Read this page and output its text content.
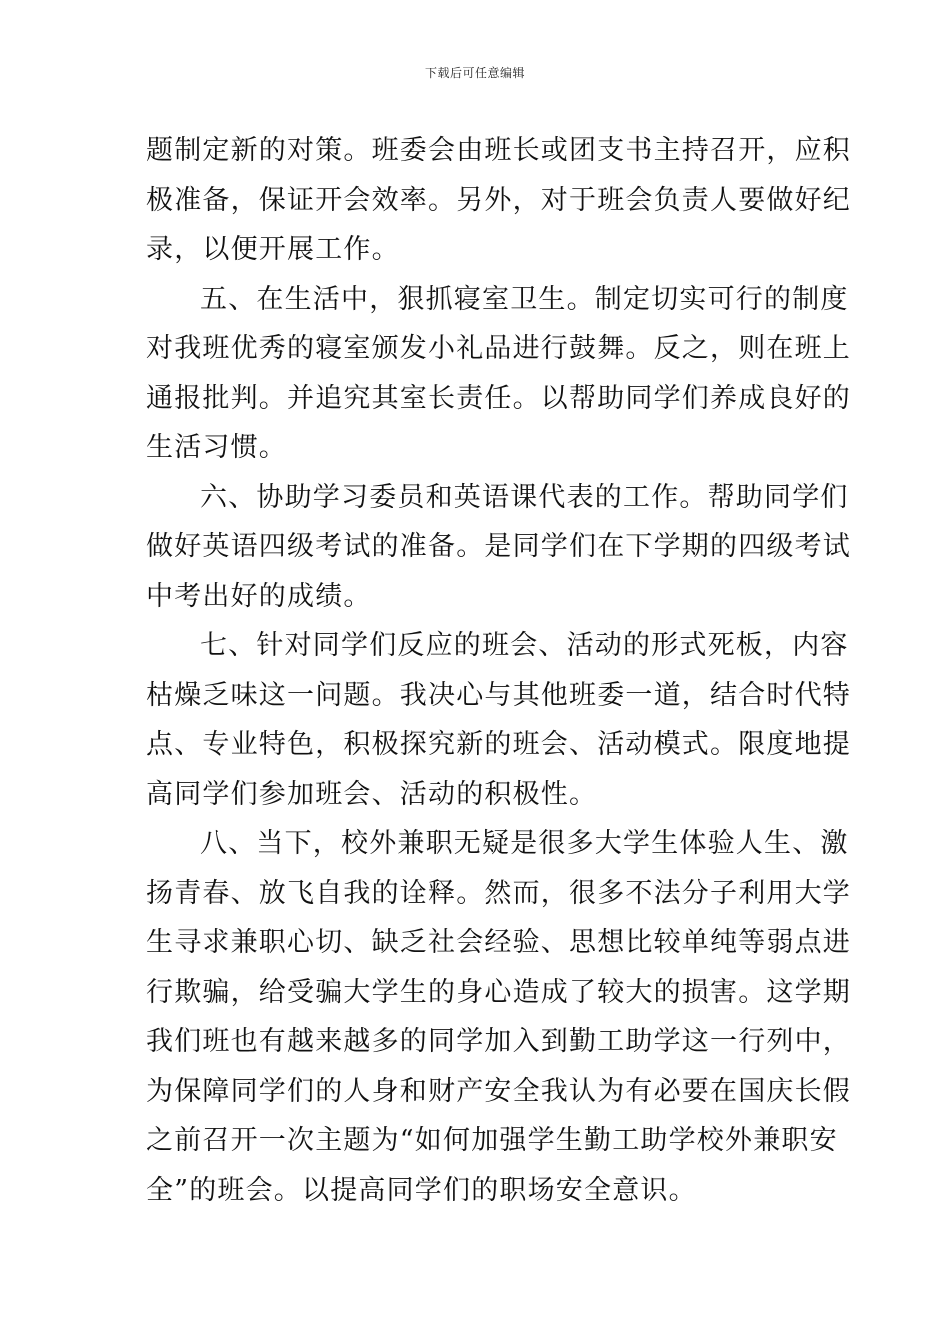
下载后可任意编辑
题制定新的对策。班委会由班长或团支书主持召开，应积
极准备，保证开会效率。另外，对于班会负责人要做好纪
录，以便开展工作。
五、在生活中，狠抓寝室卫生。制定切实可行的制度
对我班优秀的寝室颁发小礼品进行鼓舞。反之，则在班上
通报批判。并追究其室长责任。以帮助同学们养成良好的
生活习惯。
六、协助学习委员和英语课代表的工作。帮助同学们
做好英语四级考试的准备。是同学们在下学期的四级考试
中考出好的成绩。
七、针对同学们反应的班会、活动的形式死板，内容
枯燥乏味这一问题。我决心与其他班委一道，结合时代特
点、专业特色，积极探究新的班会、活动模式。限度地提
高同学们参加班会、活动的积极性。
八、当下，校外兼职无疑是很多大学生体验人生、激
扬青春、放飞自我的诠释。然而，很多不法分子利用大学
生寻求兼职心切、缺乏社会经验、思想比较单纯等弱点进
行欺骗，给受骗大学生的身心造成了较大的损害。这学期
我们班也有越来越多的同学加入到勤工助学这一行列中，
为保障同学们的人身和财产安全我认为有必要在国庆长假
之前召开一次主题为“如何加强学生勤工助学校外兼职安
全”的班会。以提高同学们的职场安全意识。
